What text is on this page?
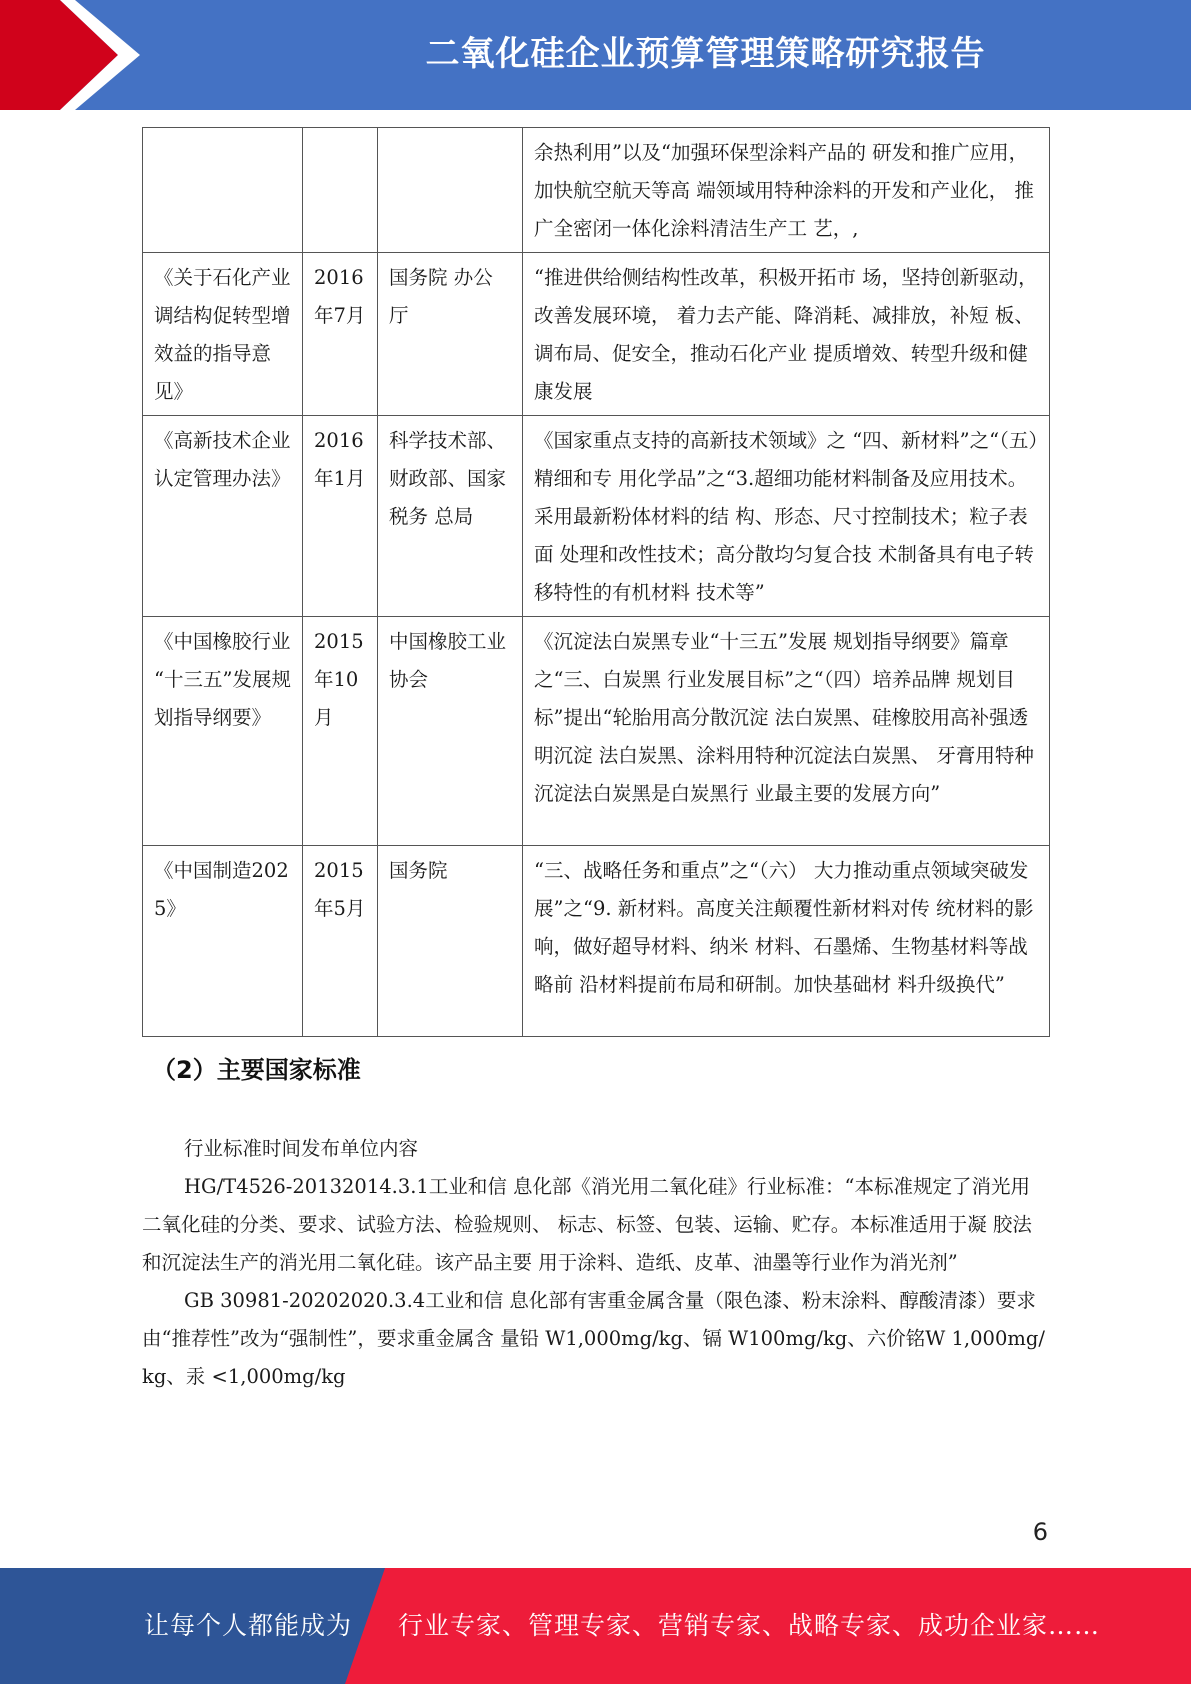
二氧化硅企业预算管理策略研究报告
			余热利用”以及“加强环保型涂料产品的 研发和推广应用，加快航空航天等高 端领域用特种涂料的开发和产业化， 推广全密闭一体化涂料清洁生产工 艺，,
《关于石化产业 调结构促转型增 效益的指导意见》	2016年7月	国务院 办公厅	“推进供给侧结构性改革，积极开拓市 场，坚持创新驱动，改善发展环境， 着力去产能、降消耗、减排放，补短 板、调布局、促安全，推动石化产业 提质增效、转型升级和健康发展
《高新技术企业 认定管理办法》	2016年1月	科学技术部、 财政部、国家 税务 总局	《国家重点支持的高新技术领域》之 “四、新材料”之“（五）精细和专 用化学品”之“3.超细功能材料制备及应用技术。采用最新粉体材料的结 构、形态、尺寸控制技术；粒子表面 处理和改性技术；高分散均匀复合技 术制备具有电子转移特性的有机材料 技术等”
《中国橡胶行业 “十三五”发展规划指导纲要》	2015年10月	中国橡胶工业 协会	《沉淀法白炭黑专业“十三五”发展 规划指导纲要》篇章之“三、白炭黑 行业发展目标”之“（四）培养品牌 规划目标”提出“轮胎用高分散沉淀 法白炭黑、硅橡胶用高补强透明沉淀 法白炭黑、涂料用特种沉淀法白炭黑、 牙膏用特种沉淀法白炭黑是白炭黑行 业最主要的发展方向”
《中国制造2025》	2015年5月	国务院	“三、战略任务和重点”之“（六） 大力推动重点领域突破发展”之“9. 新材料。高度关注颠覆性新材料对传 统材料的影响，做好超导材料、纳米 材料、石墨烯、生物基材料等战略前 沿材料提前布局和研制。加快基础材 料升级换代”
（2）主要国家标准

行业标准时间发布单位内容

HG/T4526-20132014.3.1工业和信 息化部《消光用二氧化硅》行业标准：“本标准规定了消光用二氧化硅的分类、要求、试验方法、检验规则、 标志、标签、包装、运输、贮存。本标准适用于凝 胶法和沉淀法生产的消光用二氧化硅。该产品主要 用于涂料、造纸、皮革、油墨等行业作为消光剂”

GB 30981-20202020.3.4工业和信 息化部有害重金属含量（限色漆、粉末涂料、醇酸清漆）要求由“推荐性”改为“强制性”，要求重金属含 量铅 W1,000mg/kg、镉 W100mg/kg、六价铭W 1,000mg/kg、汞 <1,000mg/kg

6
让每个人都能成为 行业专家、管理专家、营销专家、战略专家、成功企业家……
